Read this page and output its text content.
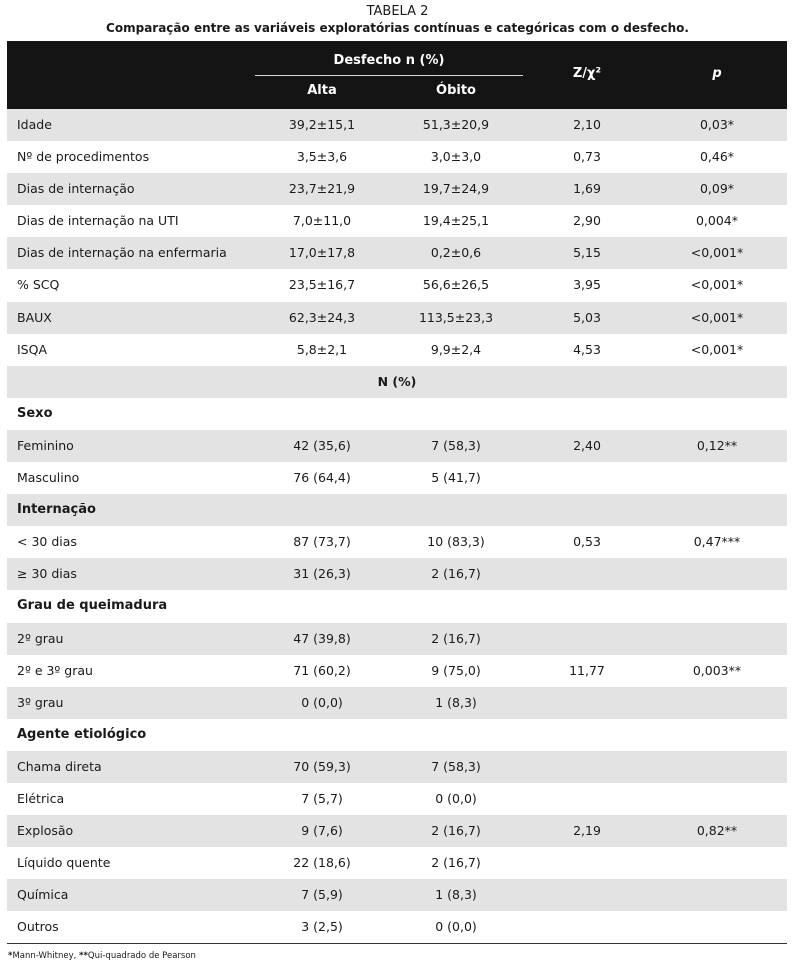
TABELA 2
Comparação entre as variáveis exploratórias contínuas e categóricas com o desfecho.
Desfecho n (%)
Alta	Óbito
Z/χ²	p
Idade	39,2±15,1	51,3±20,9	2,10	0,03*
Nº de procedimentos	3,5±3,6	3,0±3,0	0,73	0,46*
Dias de internação	23,7±21,9	19,7±24,9	1,69	0,09*
Dias de internação na UTI	7,0±11,0	19,4±25,1	2,90	0,004*
Dias de internação na enfermaria	17,0±17,8	0,2±0,6	5,15	<0,001*
% SCQ	23,5±16,7	56,6±26,5	3,95	<0,001*
BAUX	62,3±24,3	113,5±23,3	5,03	<0,001*
ISQA	5,8±2,1	9,9±2,4	4,53	<0,001*
N (%)
Sexo
Feminino	42 (35,6)	7 (58,3)	2,40	0,12**
Masculino	76 (64,4)	5 (41,7)
Internação
< 30 dias	87 (73,7)	10 (83,3)	0,53	0,47***
≥ 30 dias	31 (26,3)	2 (16,7)
Grau de queimadura
2º grau	47 (39,8)	2 (16,7)
2º e 3º grau	71 (60,2)	9 (75,0)	11,77	0,003**
3º grau	0 (0,0)	1 (8,3)
Agente etiológico
Chama direta	70 (59,3)	7 (58,3)
Elétrica	7 (5,7)	0 (0,0)
Explosão	9 (7,6)	2 (16,7)	2,19	0,82**
Líquido quente	22 (18,6)	2 (16,7)
Química	7 (5,9)	1 (8,3)
Outros	3 (2,5)	0 (0,0)
*Mann-Whitney, **Qui-quadrado de Pearson
